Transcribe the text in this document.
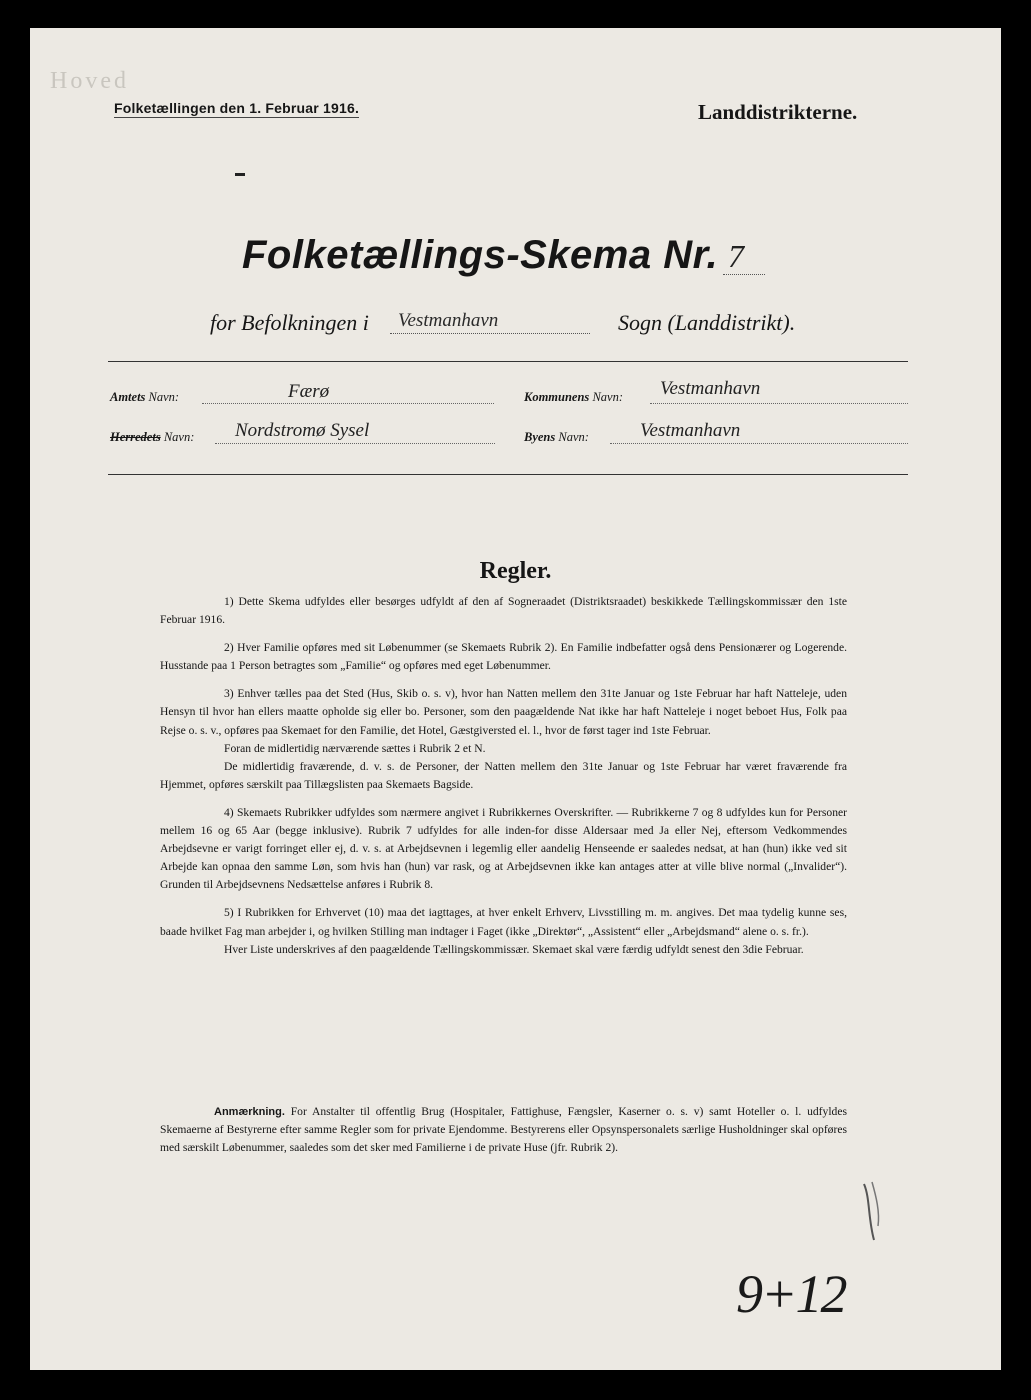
Hoved
Folketællingen den 1. Februar 1916.	Landdistrikterne.
Folketællings-Skema Nr. 7
for Befolkningen i Vestmanhavn	Sogn (Landdistrikt).
Amtets Navn:	Færø	Kommunens Navn: Vestmanhavn
Herredets Navn: Nordstromø Sysel	Byens Navn:	Vestmanhavn
Regler.

1) Dette Skema udfyldes eller besørges udfyldt af den af Sogneraadet (Distriktsraadet) beskikkede Tællingskommissær den 1ste Februar 1916.

2) Hver Familie opføres med sit Løbenummer (se Skemaets Rubrik 2). En Familie indbefatter også dens Pensionærer og Logerende. Husstande paa 1 Person betragtes som „Familie“ og opføres med eget Løbenummer.

3) Enhver tælles paa det Sted (Hus, Skib o. s. v), hvor han Natten mellem den 31te Januar og 1ste Februar har haft Natteleje, uden Hensyn til hvor han ellers maatte opholde sig eller bo. Personer, som den paagældende Nat ikke har haft Natteleje i noget beboet Hus, Folk paa Rejse o. s. v., opføres paa Skemaet for den Familie, det Hotel, Gæstgiversted el. l., hvor de først tager ind 1ste Februar.

Foran de midlertidig nærværende sættes i Rubrik 2 et N.

De midlertidig fraværende, d. v. s. de Personer, der Natten mellem den 31te Januar og 1ste Februar har været fraværende fra Hjemmet, opføres særskilt paa Tillægslisten paa Skemaets Bagside.

4) Skemaets Rubrikker udfyldes som nærmere angivet i Rubrikkernes Overskrifter. — Rubrikkerne 7 og 8 udfyldes kun for Personer mellem 16 og 65 Aar (begge inklusive). Rubrik 7 udfyldes for alle inden-for disse Aldersaar med Ja eller Nej, eftersom Vedkommendes Arbejdsevne er varigt forringet eller ej, d. v. s. at Arbejdsevnen i legemlig eller aandelig Henseende er saaledes nedsat, at han (hun) ikke ved sit Arbejde kan opnaa den samme Løn, som hvis han (hun) var rask, og at Arbejdsevnen ikke kan antages atter at ville blive normal („Invalider“). Grunden til Arbejdsevnens Nedsættelse anføres i Rubrik 8.

5) I Rubrikken for Erhvervet (10) maa det iagttages, at hver enkelt Erhverv, Livsstilling m. m. angives. Det maa tydelig kunne ses, baade hvilket Fag man arbejder i, og hvilken Stilling man indtager i Faget (ikke „Direktør“, „Assistent“ eller „Arbejdsmand“ alene o. s. fr.).

Hver Liste underskrives af den paagældende Tællingskommissær. Skemaet skal være færdig udfyldt senest den 3die Februar.

Anmærkning. For Anstalter til offentlig Brug (Hospitaler, Fattighuse, Fængsler, Kaserner o. s. v) samt Hoteller o. l. udfyldes Skemaerne af Bestyrerne efter samme Regler som for private Ejendomme. Bestyrerens eller Opsynspersonalets særlige Husholdninger skal opføres med særskilt Løbenummer, saaledes som det sker med Familierne i de private Huse (jfr. Rubrik 2).
9+12
